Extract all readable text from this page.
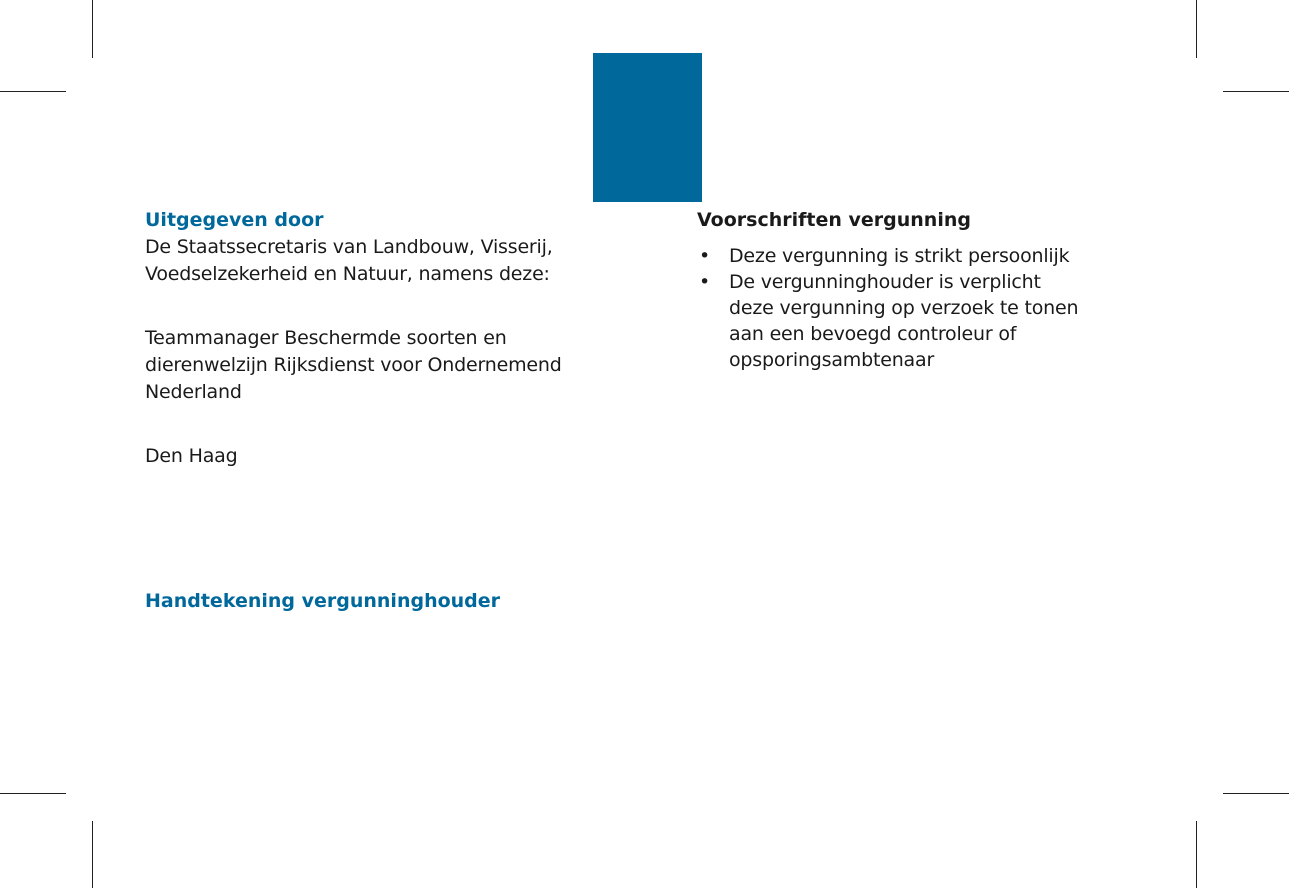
Uitgegeven door

De Staatssecretaris van Landbouw, Visserij,
Voedselzekerheid en Natuur, namens deze:

Teammanager Beschermde soorten en
dierenwelzijn Rijksdienst voor Ondernemend
Nederland

Den Haag

Handtekening vergunninghouder
Voorschriften vergunning
• Deze vergunning is strikt persoonlijk
• De vergunninghouder is verplicht
deze vergunning op verzoek te tonen
aan een bevoegd controleur of
opsporingsambtenaar
